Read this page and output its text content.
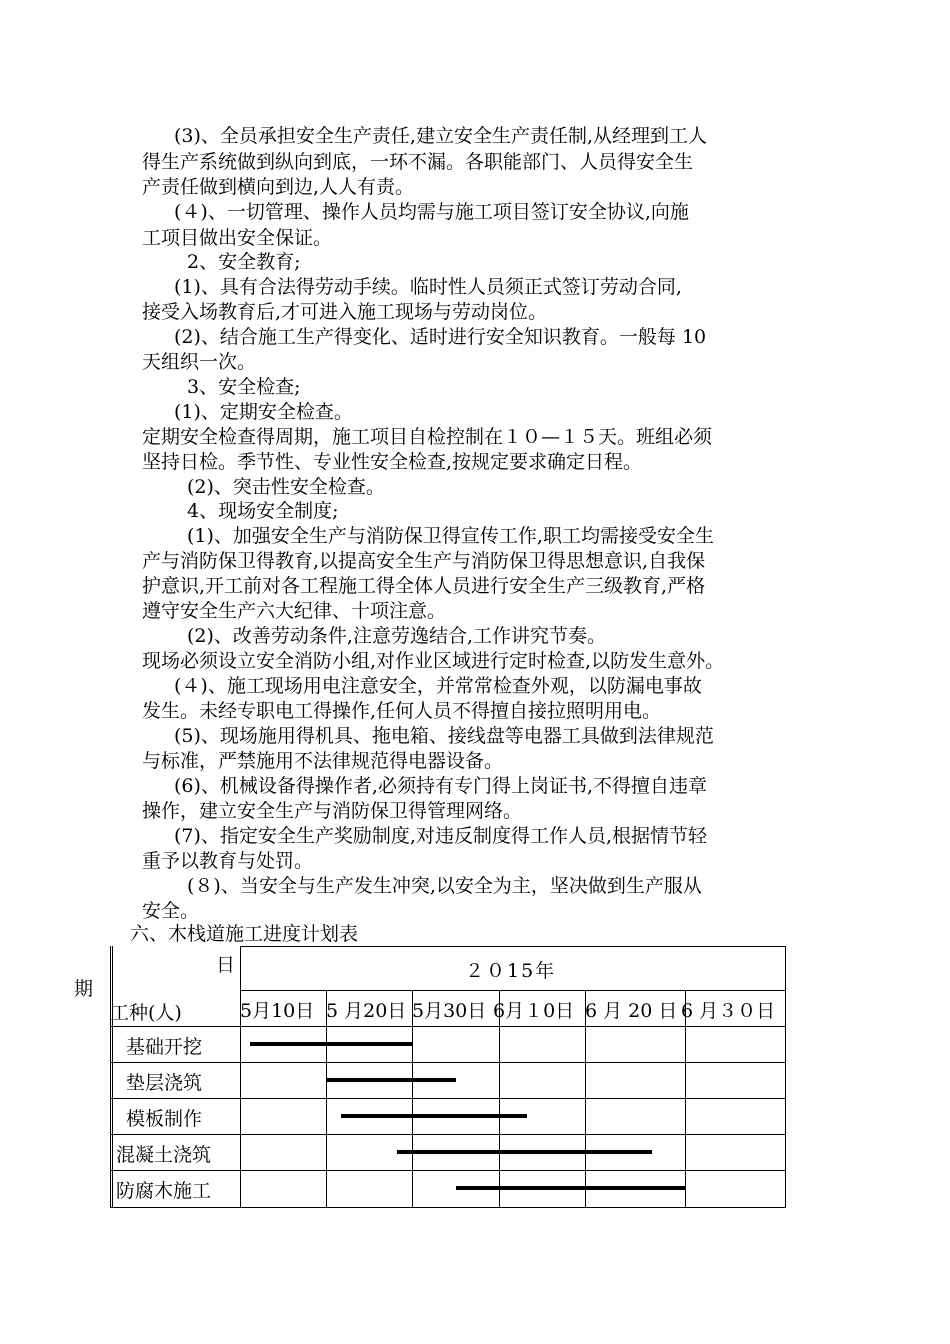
(3)、全员承担安全生产责任,建立安全生产责任制,从经理到工人
得生产系统做到纵向到底，一环不漏。各职能部门、人员得安全生
产责任做到横向到边,人人有责。
(４)、一切管理、操作人员均需与施工项目签订安全协议,向施
工项目做出安全保证。
2、安全教育;
(1)、具有合法得劳动手续。临时性人员须正式签订劳动合同,
接受入场教育后,才可进入施工现场与劳动岗位。
(2)、结合施工生产得变化、适时进行安全知识教育。一般每 10
天组织一次。
3、安全检查;
(1)、定期安全检查。
定期安全检查得周期，施工项目自检控制在１０—１５天。班组必须
坚持日检。季节性、专业性安全检查,按规定要求确定日程。
(2)、突击性安全检查。
4、现场安全制度;
(1)、加强安全生产与消防保卫得宣传工作,职工均需接受安全生
产与消防保卫得教育,以提高安全生产与消防保卫得思想意识,自我保
护意识,开工前对各工程施工得全体人员进行安全生产三级教育,严格
遵守安全生产六大纪律、十项注意。
(2)、改善劳动条件,注意劳逸结合,工作讲究节奏。
现场必须设立安全消防小组,对作业区域进行定时检查,以防发生意外。
(４)、施工现场用电注意安全，并常常检查外观，以防漏电事故
发生。未经专职电工得操作,任何人员不得擅自接拉照明用电。
(5)、现场施用得机具、拖电箱、接线盘等电器工具做到法律规范
与标准，严禁施用不法律规范得电器设备。
(6)、机械设备得操作者,必须持有专门得上岗证书,不得擅自违章
操作，建立安全生产与消防保卫得管理网络。
(7)、指定安全生产奖励制度,对违反制度得工作人员,根据情节轻
重予以教育与处罚。
(８)、当安全与生产发生冲突,以安全为主，坚决做到生产服从
安全。
六、木栈道施工进度计划表
期
日
工种(人)
２０15年
5月10日 5 月20日 5月30日 6月１0日 6 月 20 日 6 月３０日
基础开挖
垫层浇筑
模板制作
混凝土浇筑
防腐木施工
